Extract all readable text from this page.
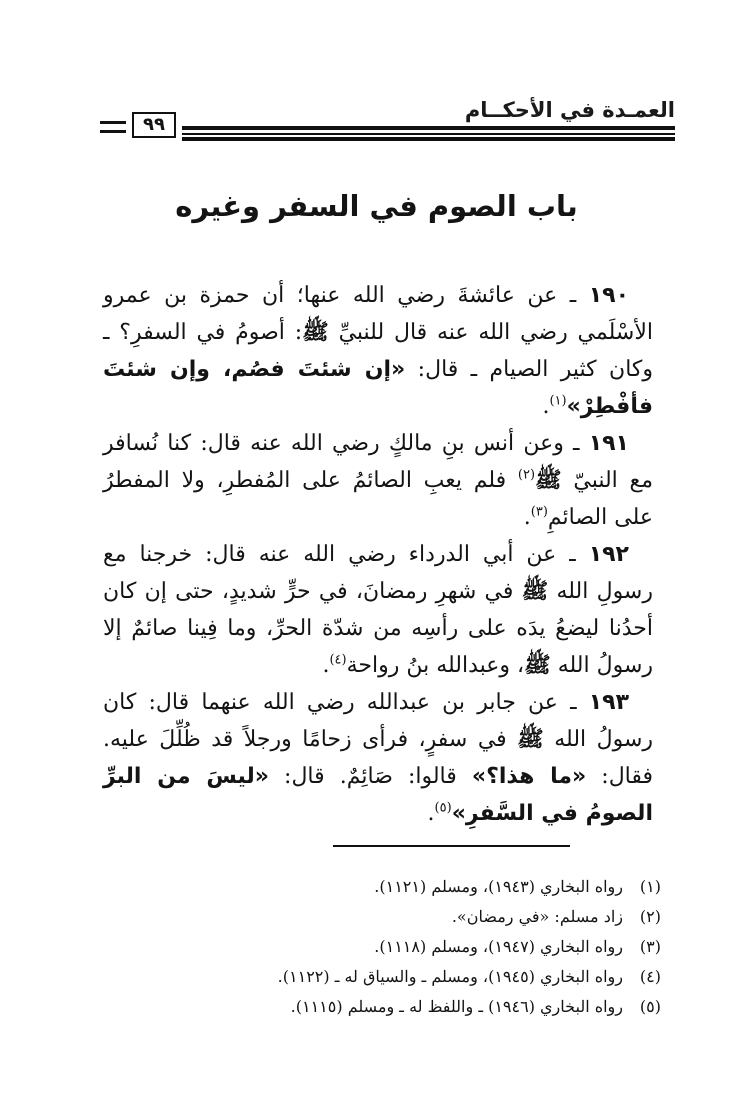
العمـدة في الأحكــام
٩٩
باب الصوم في السفر وغيره

١٩٠ ـ عن عائشةَ رضي الله عنها؛ أن حمزة بن عمرو الأسْلَمي رضي الله عنه قال للنبيِّ ﷺ: أصومُ في السفرِ؟ ـ وكان كثير الصيام ـ قال: «إن شئتَ فصُم، وإن شئتَ فأفْطِرْ»$^{(١)}$.

١٩١ ـ وعن أنس بنِ مالكٍ رضي الله عنه قال: كنا نُسافر مع النبيّ ﷺ$^{(٢)}$ فلم يعبِ الصائمُ على المُفطرِ، ولا المفطرُ على الصائمِ$^{(٣)}$.

١٩٢ ـ عن أبي الدرداء رضي الله عنه قال: خرجنا مع رسولِ الله ﷺ في شهرِ رمضانَ، في حرٍّ شديدٍ، حتى إن كان أحدُنا ليضعُ يدَه على رأسِه من شدّة الحرِّ، وما فِينا صائمٌ إلا رسولُ الله ﷺ، وعبدالله بنُ رواحة$^{(٤)}$.

١٩٣ ـ عن جابر بن عبدالله رضي الله عنهما قال: كان رسولُ الله ﷺ في سفرٍ، فرأى زحامًا ورجلاً قد ظُلِّلَ عليه. فقال: «ما هذا؟» قالوا: صَائِمٌ. قال: «ليسَ من البرِّ الصومُ في السَّفرِ»$^{(٥)}$.

(١)
رواه البخاري (١٩٤٣)، ومسلم (١١٢١).
(٢)
زاد مسلم: «في رمضان».
(٣)
رواه البخاري (١٩٤٧)، ومسلم (١١١٨).
(٤)
رواه البخاري (١٩٤٥)، ومسلم ـ والسياق له ـ (١١٢٢).
(٥)
رواه البخاري (١٩٤٦) ـ واللفظ له ـ ومسلم (١١١٥).
